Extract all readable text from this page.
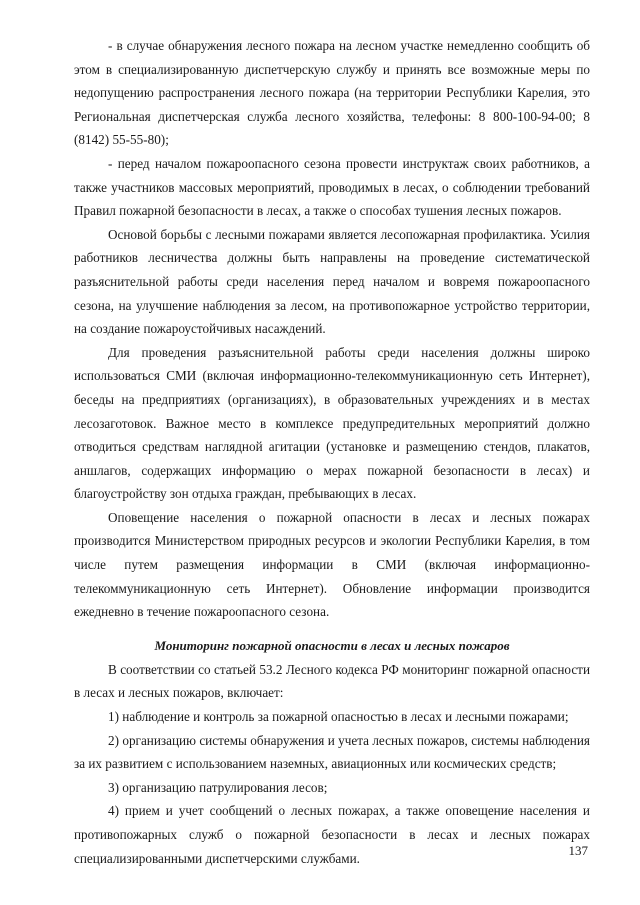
- в случае обнаружения лесного пожара на лесном участке немедленно сообщить об этом в специализированную диспетчерскую службу и принять все возможные меры по недопущению распространения лесного пожара (на территории Республики Карелия, это Региональная диспетчерская служба лесного хозяйства, телефоны: 8 800-100-94-00; 8 (8142) 55-55-80);

- перед началом пожароопасного сезона провести инструктаж своих работников, а также участников массовых мероприятий, проводимых в лесах, о соблюдении требований Правил пожарной безопасности в лесах, а также о способах тушения лесных пожаров.

Основой борьбы с лесными пожарами является лесопожарная профилактика. Усилия работников лесничества должны быть направлены на проведение систематической разъяснительной работы среди населения перед началом и вовремя пожароопасного сезона, на улучшение наблюдения за лесом, на противопожарное устройство территории, на создание пожароустойчивых насаждений.

Для проведения разъяснительной работы среди населения должны широко использоваться СМИ (включая информационно-телекоммуникационную сеть Интернет), беседы на предприятиях (организациях), в образовательных учреждениях и в местах лесозаготовок. Важное место в комплексе предупредительных мероприятий должно отводиться средствам наглядной агитации (установке и размещению стендов, плакатов, аншлагов, содержащих информацию о мерах пожарной безопасности в лесах) и благоустройству зон отдыха граждан, пребывающих в лесах.

Оповещение населения о пожарной опасности в лесах и лесных пожарах производится Министерством природных ресурсов и экологии Республики Карелия, в том числе путем размещения информации в СМИ (включая информационно-телекоммуникационную сеть Интернет). Обновление информации производится ежедневно в течение пожароопасного сезона.

Мониторинг пожарной опасности в лесах и лесных пожаров

В соответствии со статьей 53.2 Лесного кодекса РФ мониторинг пожарной опасности в лесах и лесных пожаров, включает:

1) наблюдение и контроль за пожарной опасностью в лесах и лесными пожарами;

2) организацию системы обнаружения и учета лесных пожаров, системы наблюдения за их развитием с использованием наземных, авиационных или космических средств;

3) организацию патрулирования лесов;

4) прием и учет сообщений о лесных пожарах, а также оповещение населения и противопожарных служб о пожарной безопасности в лесах и лесных пожарах специализированными диспетчерскими службами.

137
